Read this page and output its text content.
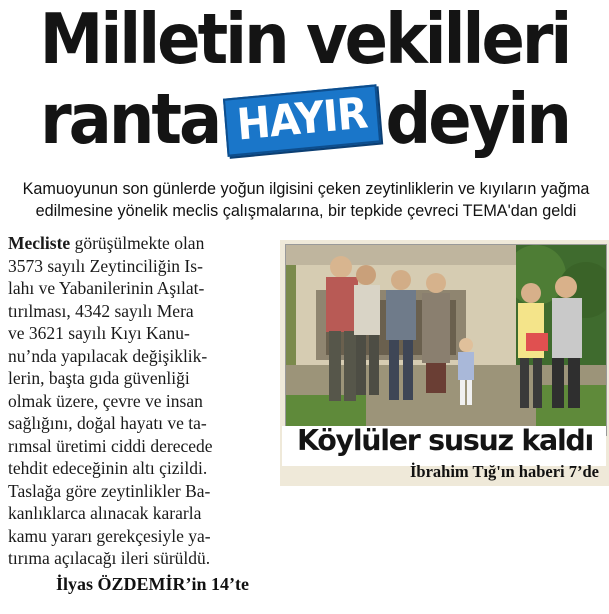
Milletin vekilleri
ranta HAYIR deyin
Kamuoyunun son günlerde yoğun ilgisini çeken zeytinliklerin ve kıyıların yağma
edilmesine yönelik meclis çalışmalarına, bir tepkide çevreci TEMA'dan geldi
Mecliste görüşülmekte olan
3573 sayılı Zeytinciliğin Is-
lahı ve Yabanilerinin Aşılat-
tırılması, 4342 sayılı Mera
ve 3621 sayılı Kıyı Kanu-
nu’nda yapılacak değişiklik-
lerin, başta gıda güvenliği
olmak üzere, çevre ve insan
sağlığını, doğal hayatı ve ta-
rımsal üretimi ciddi derecede
tehdit edeceğinin altı çizildi.
Taslağa göre zeytinlikler Ba-
kanlıklarca alınacak kararla
kamu yararı gerekçesiyle ya-
tırıma açılacağı ileri sürüldü.
İlyas ÖZDEMİR’in 14’te
Köylüler susuz kaldı
İbrahim Tığ'ın haberi 7’de
